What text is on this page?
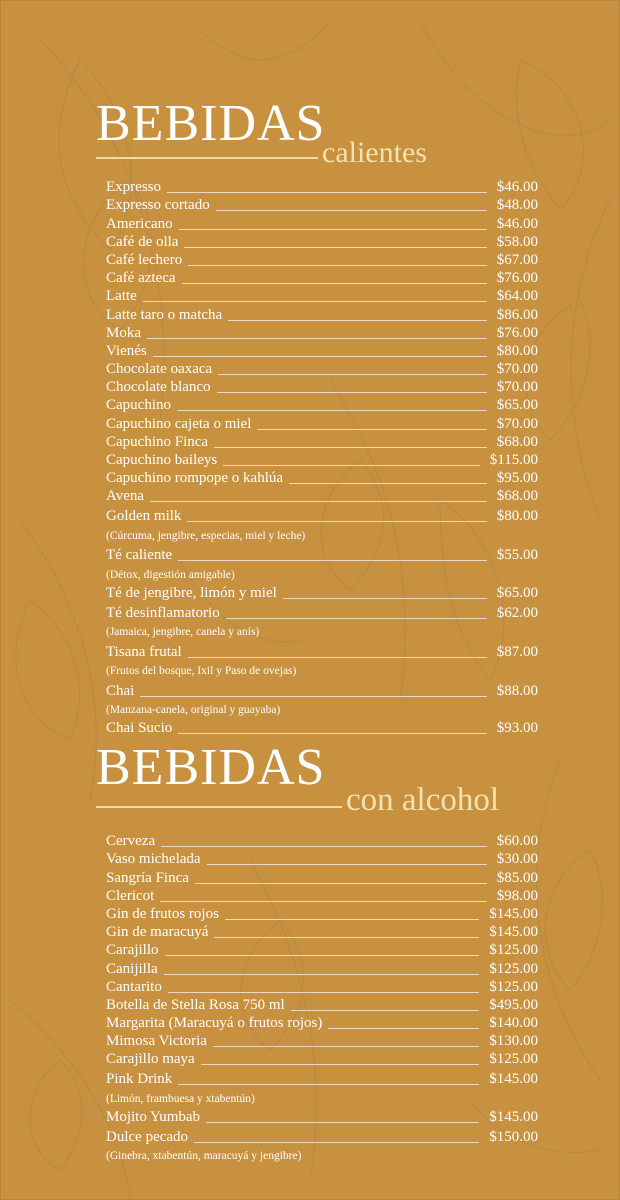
BEBIDAS
calientes
Expresso	$46.00
Expresso cortado	$48.00
Americano	$46.00
Café de olla	$58.00
Café lechero	$67.00
Café azteca	$76.00
Latte	$64.00
Latte taro o matcha	$86.00
Moka	$76.00
Vienés	$80.00
Chocolate oaxaca	$70.00
Chocolate blanco	$70.00
Capuchino	$65.00
Capuchino cajeta o miel	$70.00
Capuchino Finca	$68.00
Capuchino baileys	$115.00
Capuchino rompope o kahlúa	$95.00
Avena	$68.00
Golden milk	$80.00
(Cúrcuma, jengibre, especias, miel y leche)
Té caliente	$55.00
(Détox, digestión amigable)
Té de jengibre, limón y miel	$65.00
Té desinflamatorio	$62.00
(Jamaica, jengibre, canela y anís)
Tisana frutal	$87.00
(Frutos del bosque, Ixil y Paso de ovejas)
Chai	$88.00
(Manzana-canela, original y guayaba)
Chai Sucio	$93.00
BEBIDAS
con alcohol
Cerveza	$60.00
Vaso michelada	$30.00
Sangría Finca	$85.00
Clericot	$98.00
Gin de frutos rojos	$145.00
Gin de maracuyá	$145.00
Carajillo	$125.00
Canijilla	$125.00
Cantarito	$125.00
Botella de Stella Rosa 750 ml	$495.00
Margarita (Maracuyá o frutos rojos)	$140.00
Mimosa Victoria	$130.00
Carajillo maya	$125.00
Pink Drink	$145.00
(Limón, frambuesa y xtabentún)
Mojito Yumbab	$145.00
Dulce pecado	$150.00
(Ginebra, xtabentún, maracuyá y jengibre)
